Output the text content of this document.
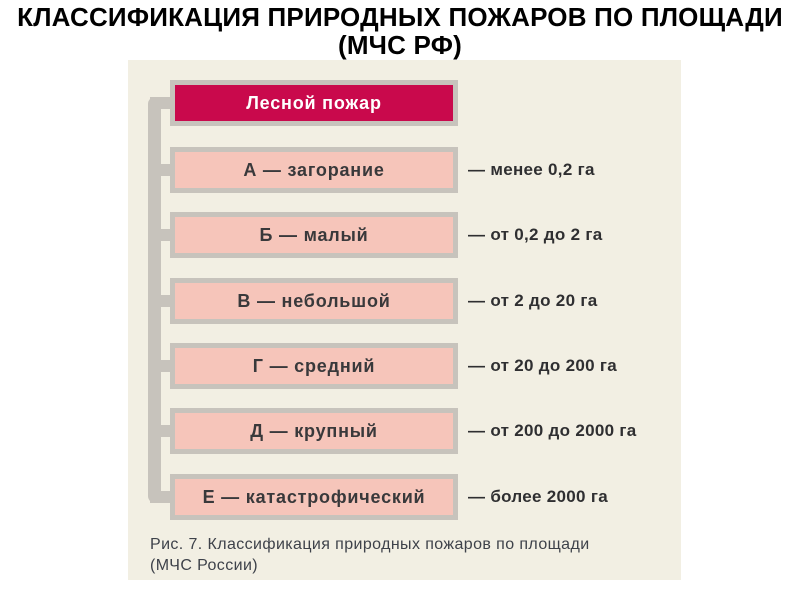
КЛАССИФИКАЦИЯ ПРИРОДНЫХ ПОЖАРОВ ПО ПЛОЩАДИ
(МЧС РФ)
Лесной пожар
А — загорание	— менее 0,2 га
Б — малый	— от 0,2 до 2 га
В — небольшой	— от 2 до 20 га
Г — средний	— от 20 до 200 га
Д — крупный	— от 200 до 2000 га
Е — катастрофический	— более 2000 га
Рис. 7. Классификация природных пожаров по площади
(МЧС России)
